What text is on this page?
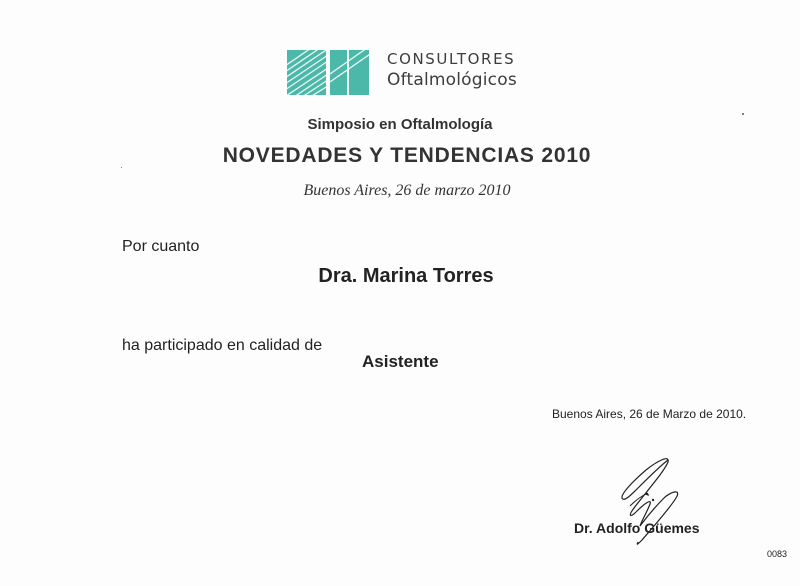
CONSULTORES
Oftalmológicos
Simposio en Oftalmología
NOVEDADES Y TENDENCIAS 2010
Buenos Aires, 26 de marzo 2010
Por cuanto
Dra. Marina Torres
ha participado en calidad de
Asistente
Buenos Aires, 26 de Marzo de 2010.
Dr. Adolfo Güemes
0083
